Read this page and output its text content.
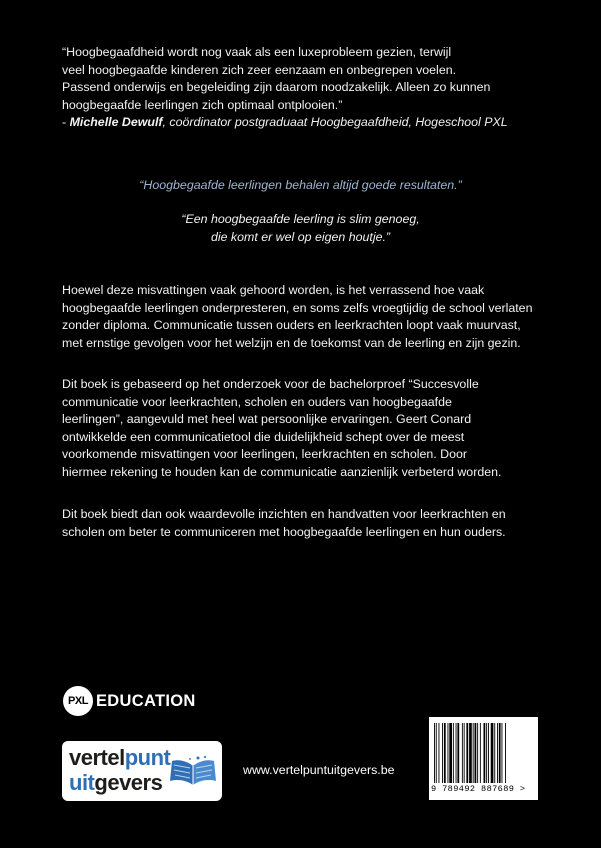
“Hoogbegaafdheid wordt nog vaak als een luxeprobleem gezien, terwijl
veel hoogbegaafde kinderen zich zeer eenzaam en onbegrepen voelen.
Passend onderwijs en begeleiding zijn daarom noodzakelijk. Alleen zo kunnen
hoogbegaafde leerlingen zich optimaal ontplooien.”
- Michelle Dewulf, coördinator postgraduaat Hoogbegaafdheid, Hogeschool PXL

“Hoogbegaafde leerlingen behalen altijd goede resultaten.”

“Een hoogbegaafde leerling is slim genoeg,
die komt er wel op eigen houtje.”
Hoewel deze misvattingen vaak gehoord worden, is het verrassend hoe vaak
hoogbegaafde leerlingen onderpresteren, en soms zelfs vroegtijdig de school verlaten
zonder diploma. Communicatie tussen ouders en leerkrachten loopt vaak muurvast,
met ernstige gevolgen voor het welzijn en de toekomst van de leerling en zijn gezin.
Dit boek is gebaseerd op het onderzoek voor de bachelorproef “Succesvolle
communicatie voor leerkrachten, scholen en ouders van hoogbegaafde
leerlingen”, aangevuld met heel wat persoonlijke ervaringen. Geert Conard
ontwikkelde een communicatietool die duidelijkheid schept over de meest
voorkomende misvattingen voor leerlingen, leerkrachten en scholen. Door
hiermee rekening te houden kan de communicatie aanzienlijk verbeterd worden.
Dit boek biedt dan ook waardevolle inzichten en handvatten voor leerkrachten en
scholen om beter te communiceren met hoogbegaafde leerlingen en hun ouders.
PXL EDUCATION
vertelpunt
uitgevers	www.vertelpuntuitgevers.be
9 789492 887689 >
